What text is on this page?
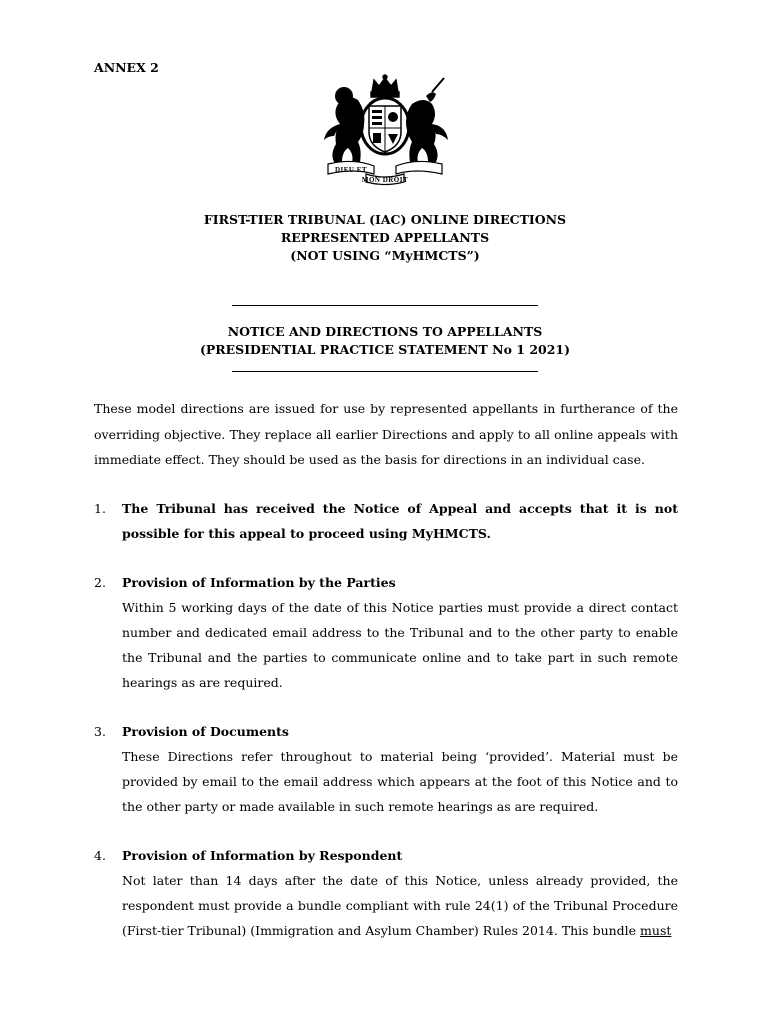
ANNEX 2

DIEU ET
MON DROIT
FIRST-TIER TRIBUNAL (IAC) ONLINE DIRECTIONS
REPRESENTED APPELLANTS
(NOT USING “MyHMCTS”)
NOTICE AND DIRECTIONS TO APPELLANTS
(PRESIDENTIAL PRACTICE STATEMENT No 1 2021)

These model directions are issued for use by represented appellants in furtherance of the overriding objective. They replace all earlier Directions and apply to all online appeals with immediate effect. They should be used as the basis for directions in an individual case.

1. The Tribunal has received the Notice of Appeal and accepts that it is not possible for this appeal to proceed using MyHMCTS.
2. Provision of Information by the Parties
Within 5 working days of the date of this Notice parties must provide a direct contact number and dedicated email address to the Tribunal and to the other party to enable the Tribunal and the parties to communicate online and to take part in such remote hearings as are required.
3. Provision of Documents
These Directions refer throughout to material being ‘provided’. Material must be provided by email to the email address which appears at the foot of this Notice and to the other party or made available in such remote hearings as are required.
4. Provision of Information by Respondent
Not later than 14 days after the date of this Notice, unless already provided, the respondent must provide a bundle compliant with rule 24(1) of the Tribunal Procedure (First-tier Tribunal) (Immigration and Asylum Chamber) Rules 2014. This bundle must
